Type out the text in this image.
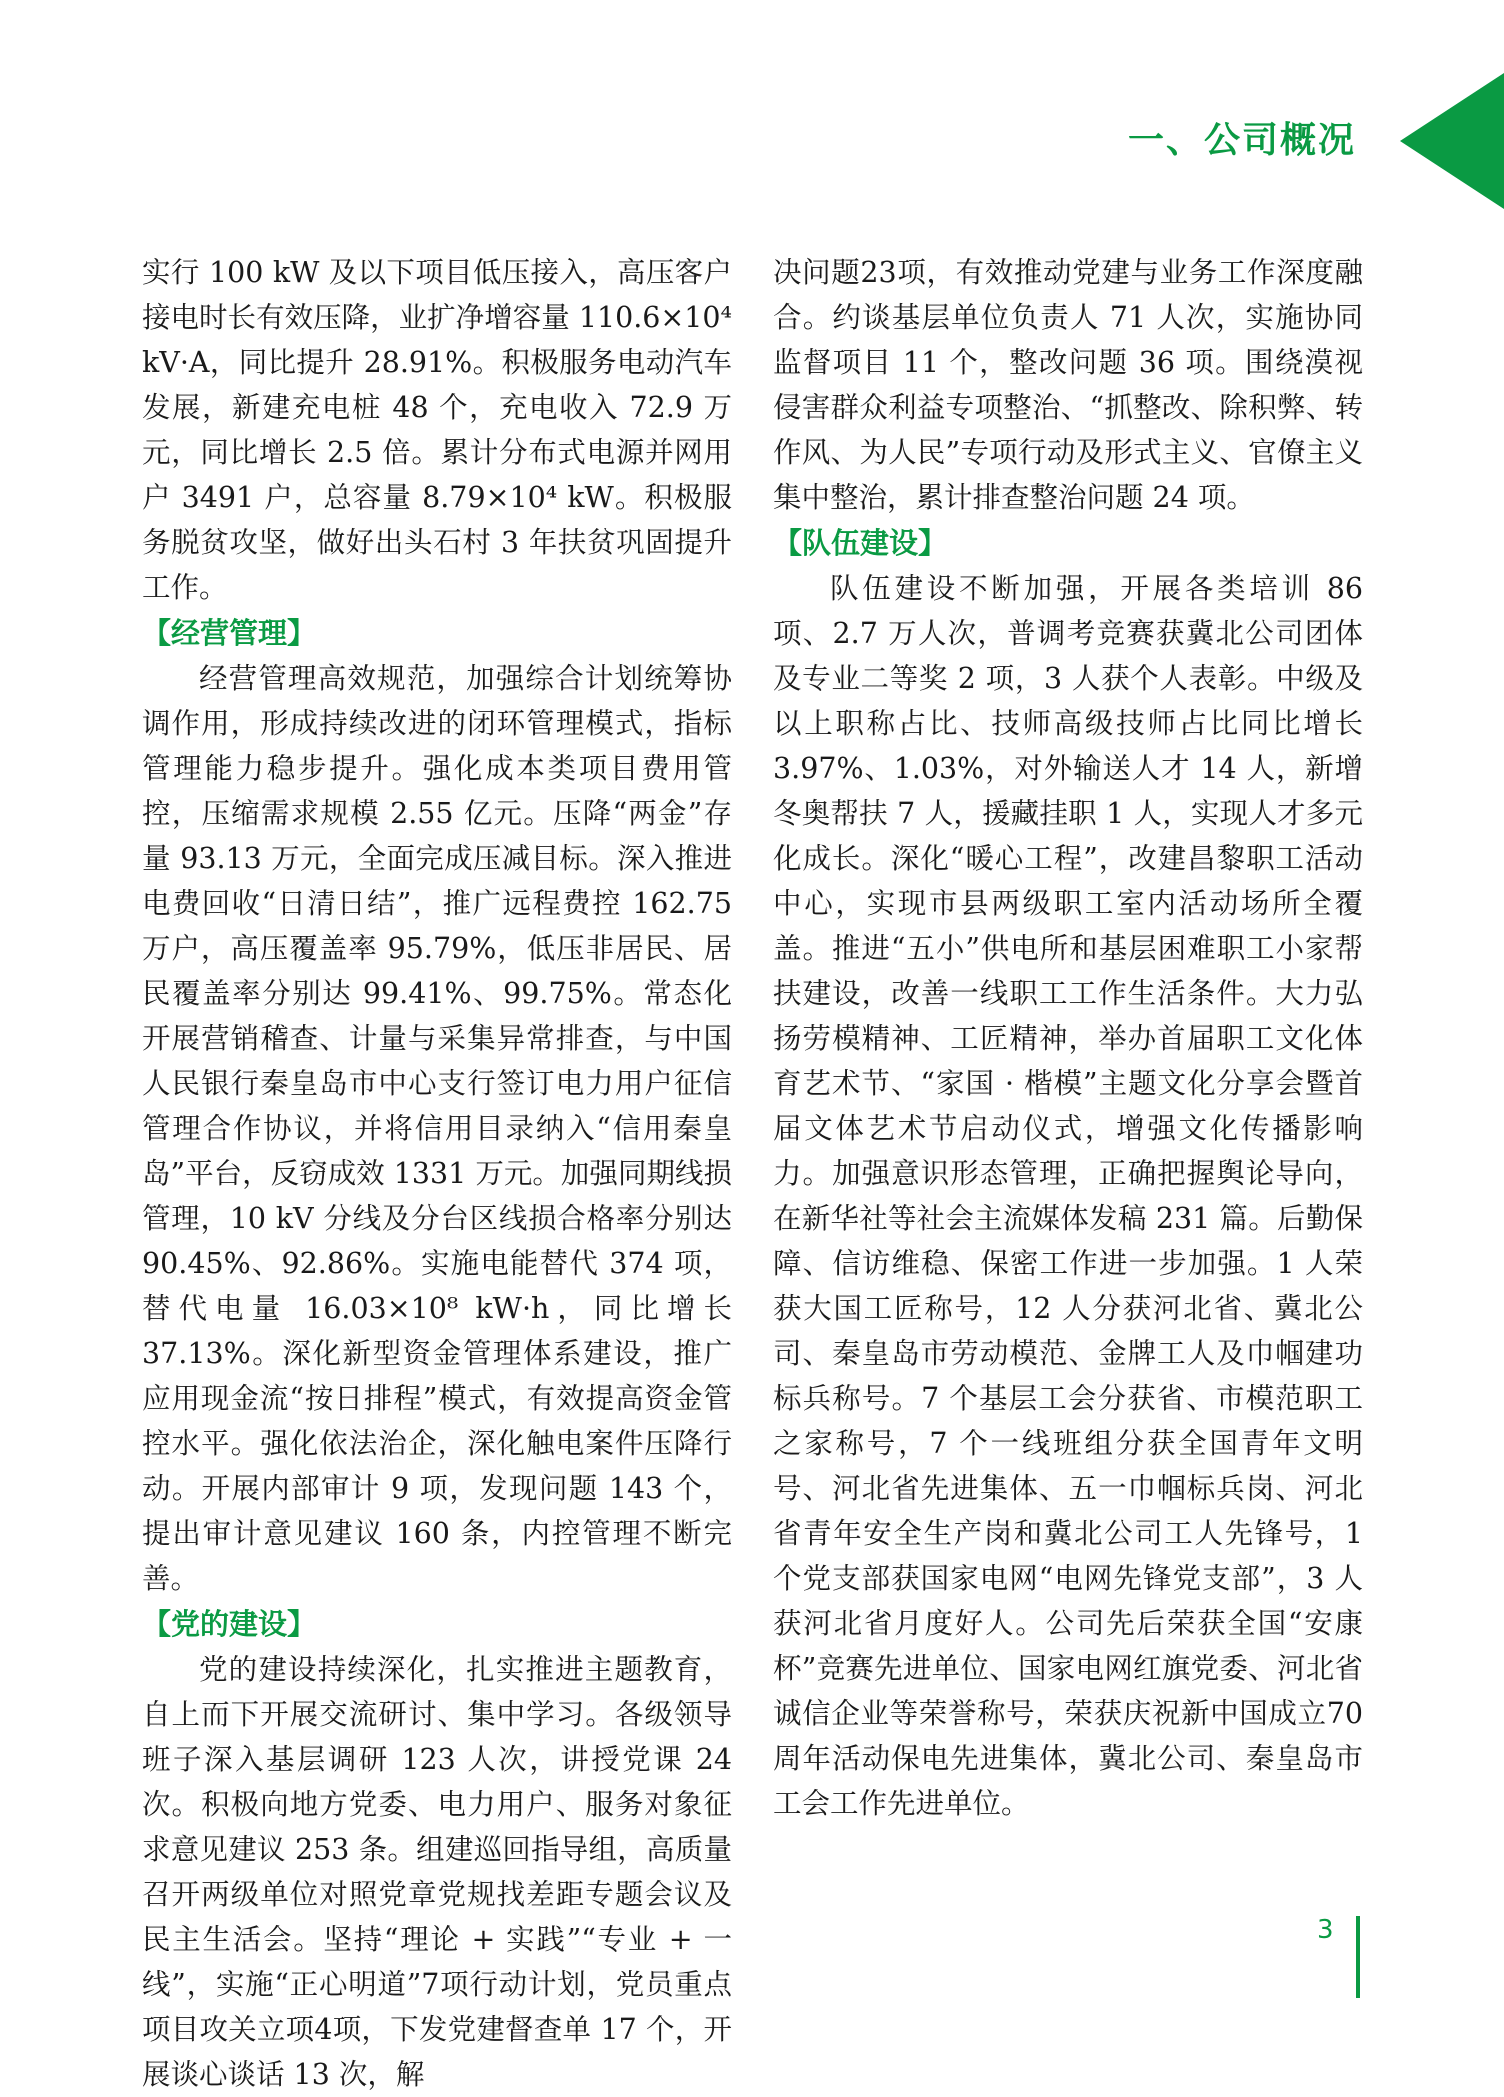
一、公司概况

实行 100 kW 及以下项目低压接入，高压客户接电时长有效压降，业扩净增容量 110.6×10⁴ kV·A，同比提升 28.91%。积极服务电动汽车发展，新建充电桩 48 个，充电收入 72.9 万元，同比增长 2.5 倍。累计分布式电源并网用户 3491 户，总容量 8.79×10⁴ kW。积极服务脱贫攻坚，做好出头石村 3 年扶贫巩固提升工作。

【经营管理】

经营管理高效规范，加强综合计划统筹协调作用，形成持续改进的闭环管理模式，指标管理能力稳步提升。强化成本类项目费用管控，压缩需求规模 2.55 亿元。压降“两金”存量 93.13 万元，全面完成压减目标。深入推进电费回收“日清日结”，推广远程费控 162.75 万户，高压覆盖率 95.79%，低压非居民、居民覆盖率分别达 99.41%、99.75%。常态化开展营销稽查、计量与采集异常排查，与中国人民银行秦皇岛市中心支行签订电力用户征信管理合作协议，并将信用目录纳入“信用秦皇岛”平台，反窃成效 1331 万元。加强同期线损管理，10 kV 分线及分台区线损合格率分别达 90.45%、92.86%。实施电能替代 374 项，替代电量 16.03×10⁸ kW·h，同比增长 37.13%。深化新型资金管理体系建设，推广应用现金流“按日排程”模式，有效提高资金管控水平。强化依法治企，深化触电案件压降行动。开展内部审计 9 项，发现问题 143 个，提出审计意见建议 160 条，内控管理不断完善。

【党的建设】

党的建设持续深化，扎实推进主题教育，自上而下开展交流研讨、集中学习。各级领导班子深入基层调研 123 人次，讲授党课 24 次。积极向地方党委、电力用户、服务对象征求意见建议 253 条。组建巡回指导组，高质量召开两级单位对照党章党规找差距专题会议及民主生活会。坚持“理论 + 实践”“专业 + 一线”，实施“正心明道”7项行动计划，党员重点项目攻关立项4项，下发党建督查单 17 个，开展谈心谈话 13 次，解

决问题23项，有效推动党建与业务工作深度融合。约谈基层单位负责人 71 人次，实施协同监督项目 11 个，整改问题 36 项。围绕漠视侵害群众利益专项整治、“抓整改、除积弊、转作风、为人民”专项行动及形式主义、官僚主义集中整治，累计排查整治问题 24 项。

【队伍建设】

队伍建设不断加强，开展各类培训 86 项、2.7 万人次，普调考竞赛获冀北公司团体及专业二等奖 2 项，3 人获个人表彰。中级及以上职称占比、技师高级技师占比同比增长 3.97%、1.03%，对外输送人才 14 人，新增冬奥帮扶 7 人，援藏挂职 1 人，实现人才多元化成长。深化“暖心工程”，改建昌黎职工活动中心，实现市县两级职工室内活动场所全覆盖。推进“五小”供电所和基层困难职工小家帮扶建设，改善一线职工工作生活条件。大力弘扬劳模精神、工匠精神，举办首届职工文化体育艺术节、“家国 · 楷模”主题文化分享会暨首届文体艺术节启动仪式，增强文化传播影响力。加强意识形态管理，正确把握舆论导向，在新华社等社会主流媒体发稿 231 篇。后勤保障、信访维稳、保密工作进一步加强。1 人荣获大国工匠称号，12 人分获河北省、冀北公司、秦皇岛市劳动模范、金牌工人及巾帼建功标兵称号。7 个基层工会分获省、市模范职工之家称号，7 个一线班组分获全国青年文明号、河北省先进集体、五一巾帼标兵岗、河北省青年安全生产岗和冀北公司工人先锋号，1 个党支部获国家电网“电网先锋党支部”，3 人获河北省月度好人。公司先后荣获全国“安康杯”竞赛先进单位、国家电网红旗党委、河北省诚信企业等荣誉称号，荣获庆祝新中国成立70周年活动保电先进集体，冀北公司、秦皇岛市工会工作先进单位。

3
